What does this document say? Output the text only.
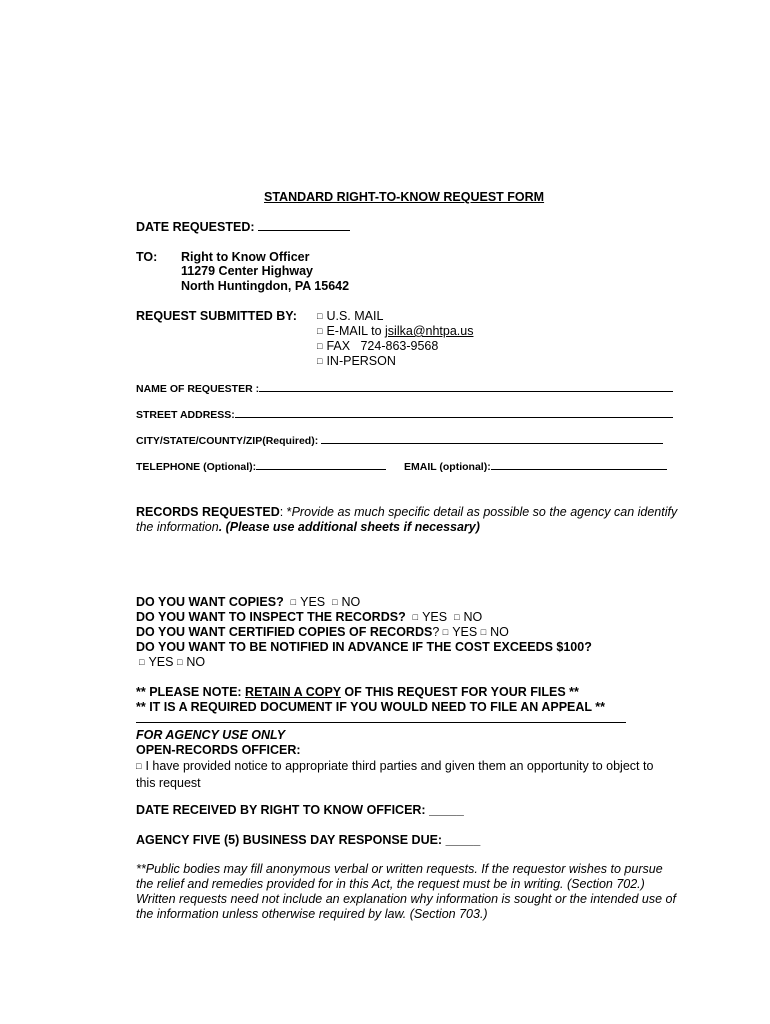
STANDARD RIGHT-TO-KNOW REQUEST FORM
DATE REQUESTED:
TO: Right to Know Officer
11279 Center Highway
North Huntingdon, PA 15642
REQUEST SUBMITTED BY: □ U.S. MAIL
□ E-MAIL to jsilka@nhtpa.us
□ FAX   724-863-9568
□ IN-PERSON
NAME OF REQUESTER :
STREET ADDRESS:
CITY/STATE/COUNTY/ZIP(Required):
TELEPHONE (Optional):	EMAIL (optional):
RECORDS REQUESTED: *Provide as much specific detail as possible so the agency can identify
the information. (Please use additional sheets if necessary)
DO YOU WANT COPIES? □ YES □ NO
DO YOU WANT TO INSPECT THE RECORDS? □ YES □ NO
DO YOU WANT CERTIFIED COPIES OF RECORDS? □ YES □ NO
DO YOU WANT TO BE NOTIFIED IN ADVANCE IF THE COST EXCEEDS $100?
□ YES □ NO
** PLEASE NOTE: RETAIN A COPY OF THIS REQUEST FOR YOUR FILES **
** IT IS A REQUIRED DOCUMENT IF YOU WOULD NEED TO FILE AN APPEAL **
FOR AGENCY USE ONLY
OPEN-RECORDS OFFICER:
□ I have provided notice to appropriate third parties and given them an opportunity to object to this request
DATE RECEIVED BY RIGHT TO KNOW OFFICER: _____
AGENCY FIVE (5) BUSINESS DAY RESPONSE DUE: _____
**Public bodies may fill anonymous verbal or written requests. If the requestor wishes to pursue
the relief and remedies provided for in this Act, the request must be in writing. (Section 702.)
Written requests need not include an explanation why information is sought or the intended use of
the information unless otherwise required by law. (Section 703.)
